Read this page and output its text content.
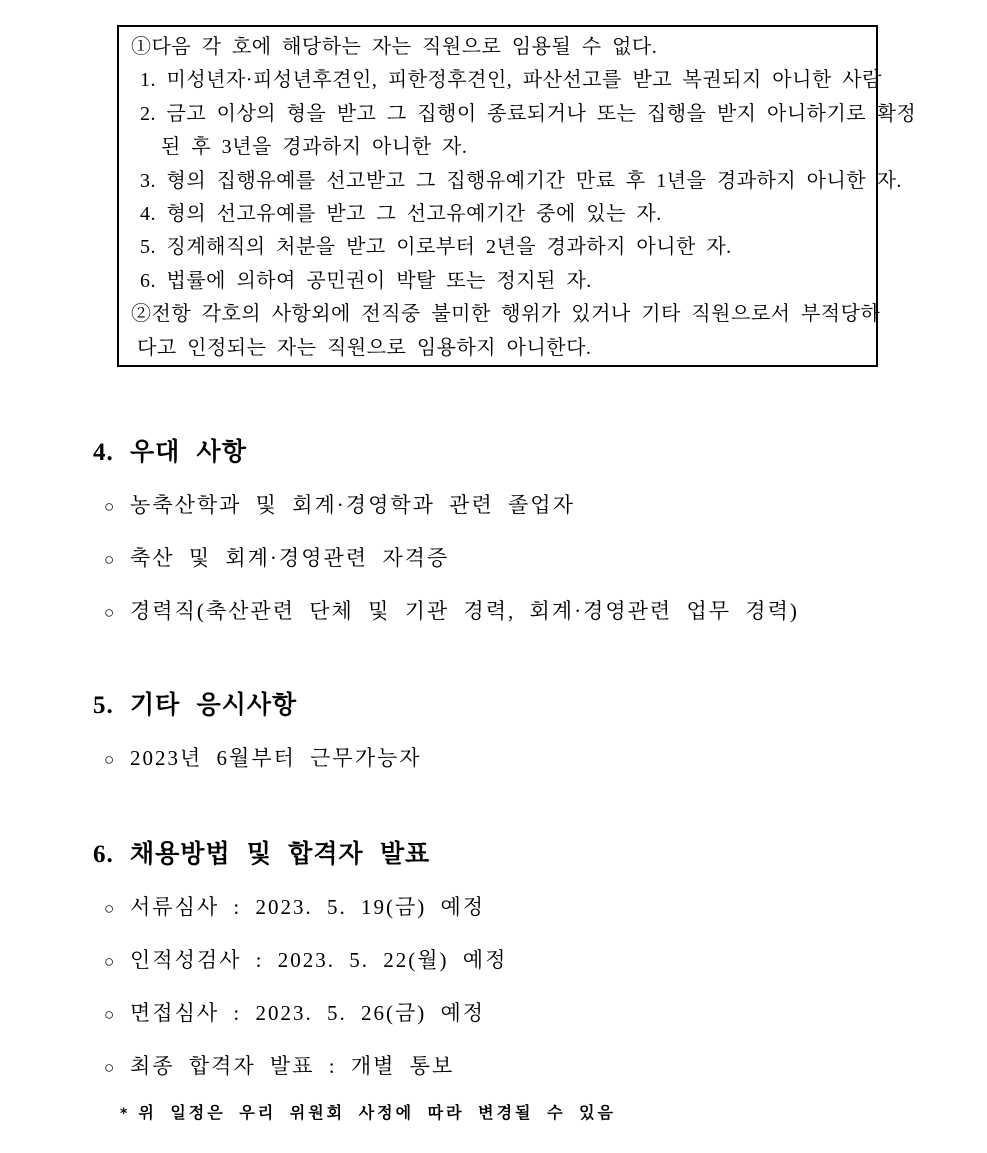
①다음 각 호에 해당하는 자는 직원으로 임용될 수 없다.
1. 미성년자·피성년후견인, 피한정후견인, 파산선고를 받고 복권되지 아니한 사람
2. 금고 이상의 형을 받고 그 집행이 종료되거나 또는 집행을 받지 아니하기로 확정
된 후 3년을 경과하지 아니한 자.
3. 형의 집행유예를 선고받고 그 집행유예기간 만료 후 1년을 경과하지 아니한 자.
4. 형의 선고유예를 받고 그 선고유예기간 중에 있는 자.
5. 징계해직의 처분을 받고 이로부터 2년을 경과하지 아니한 자.
6. 법률에 의하여 공민권이 박탈 또는 정지된 자.
②전항 각호의 사항외에 전직중 불미한 행위가 있거나 기타 직원으로서 부적당하
다고 인정되는 자는 직원으로 임용하지 아니한다.
4. 우대 사항
○ 농축산학과 및 회계·경영학과 관련 졸업자
○ 축산 및 회계·경영관련 자격증
○ 경력직(축산관련 단체 및 기관 경력, 회계·경영관련 업무 경력)
5. 기타 응시사항
○ 2023년 6월부터 근무가능자
6. 채용방법 및 합격자 발표
○ 서류심사 : 2023. 5. 19(금) 예정
○ 인적성검사 : 2023. 5. 22(월) 예정
○ 면접심사 : 2023. 5. 26(금) 예정
○ 최종 합격자 발표 : 개별 통보
* 위 일정은 우리 위원회 사정에 따라 변경될 수 있음
